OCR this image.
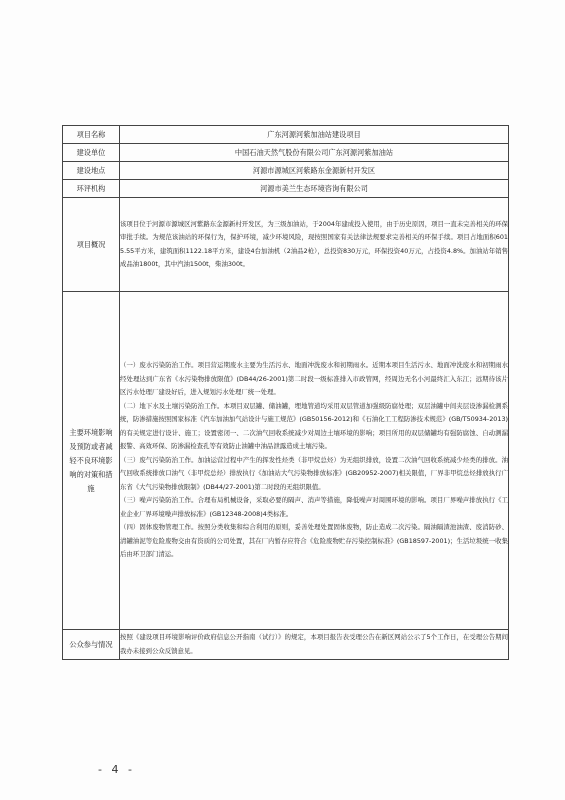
项目名称	广东河源河紫加油站建设项目
建设单位	中国石油天然气股份有限公司广东河源河紫加油站
建设地点	河源市源城区河紫路东金源新村开发区
环评机构	河源市美兰生态环境咨询有限公司
项目概况	该项目位于河源市源城区河紫路东金源新村开发区，为三级加油站，于2004年建成投入使用，由于历史原因，项目一直未完善相关的环保审批手续。为规范该油站的环保行为，保护环境，减少环境风险，现按照国家有关法律法规要求完善相关的环保手续。项目占地面积6015.55平方米，建筑面积1122.18平方米，建设4台加油机（2油品2枪），总投资830万元，环保投资40万元，占投资4.8%。加油站年销售成品油1800t，其中汽油1500t，柴油300t。

主要环境影响及预防或者减轻不良环境影响的对策和措施	（一）废水污染防治工作。项目营运期废水主要为生活污水、地面冲洗废水和初期雨水。近期本项目生活污水、地面冲洗废水和初期雨水经处理达到广东省《水污染物排放限值》(DB44/26-2001)第二时段一级标准排入市政管网，经周边无名小河最终汇入东江；远期待该片区污水处理厂建设好后，进入规划污水处理厂统一处理。

（二）地下水及土壤污染防治工作。本项目双层罐、储油罐，埋地管道均采用双层管道加强级防腐处理；双层油罐中间夹层设渗漏检测系统，防渗措施按照国家标准《汽车加油加气站设计与施工规范》(GB50156-2012)和《石油化工工程防渗技术规范》(GB/T50934-2013)的有关规定进行设计、施工；设置密闭一、二次油气回收系统减少对周边土壤环境的影响；项目所用的双层储罐均有强防腐蚀、自动测漏报警、高效环保、防渗漏检查孔等有效防止油罐中油品泄露造成土壤污染。

（三）废气污染防治工作。加油运营过程中产生的挥发性烃类（非甲烷总烃）为无组织排放，设置二次油气回收系统减少烃类的排放。油气回收系统排放口油气（非甲烷总烃）排放执行《加油站大气污染物排放标准》(GB20952-2007)相关限值，厂界非甲烷总烃排放执行广东省《大气污染物排放限制》(DB44/27-2001)第二时段的无组织限值。

（三）噪声污染防治工作。合理布局机械设备，采取必要的隔声、消声等措施，降低噪声对周围环境的影响。项目厂界噪声排放执行《工业企业厂界环境噪声排放标准》(GB12348-2008)4类标准。

（四）固体废物管理工作。按照分类收集和综合利用的原则，妥善处理处置固体废物，防止造成二次污染。隔油隔渣池油渣、废消防砂、清罐油泥等危险废物交由有资质的公司处置，其在厂内暂存应符合《危险废物贮存污染控制标准》(GB18597-2001)；生活垃圾统一收集后由环卫部门清运。

公众参与情况	按照《建设项目环境影响评价政府信息公开指南（试行）》的规定，本项目报告表受理公告在新区网站公示了5个工作日，在受理公告期间我办未接到公众反馈意见。

- 4 -
